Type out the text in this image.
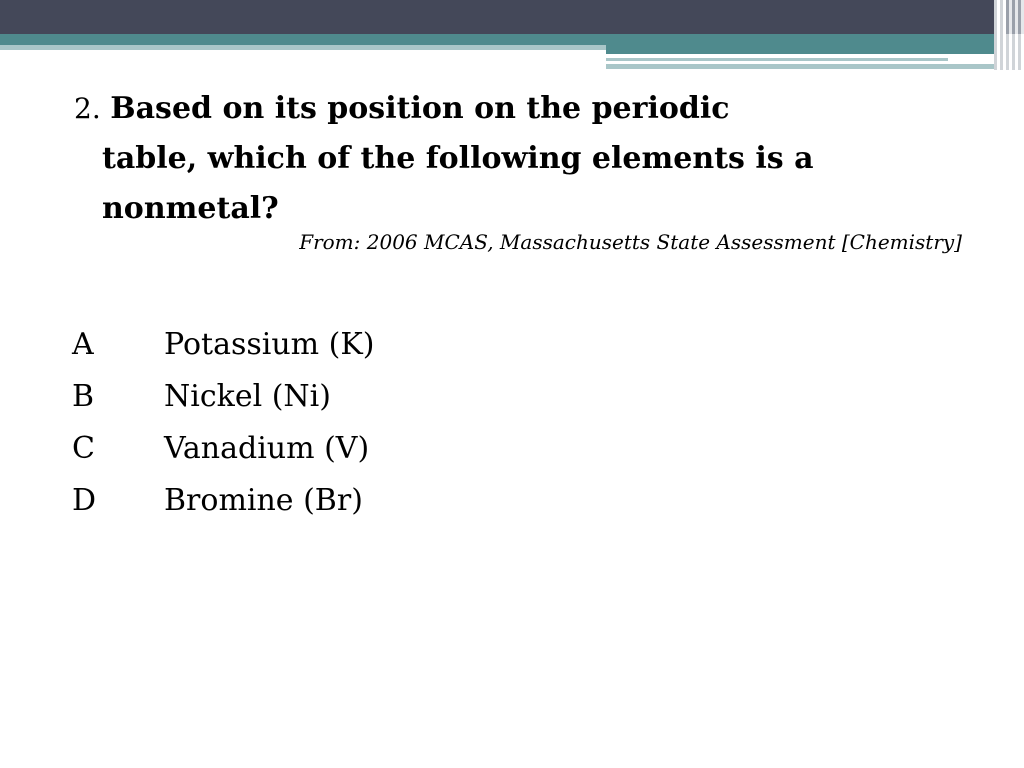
2. Based on its position on the periodic
table, which of the following elements is a
nonmetal?
From: 2006 MCAS, Massachusetts State Assessment [Chemistry]
A	Potassium (K)
B	Nickel (Ni)
C	Vanadium (V)
D	Bromine (Br)
